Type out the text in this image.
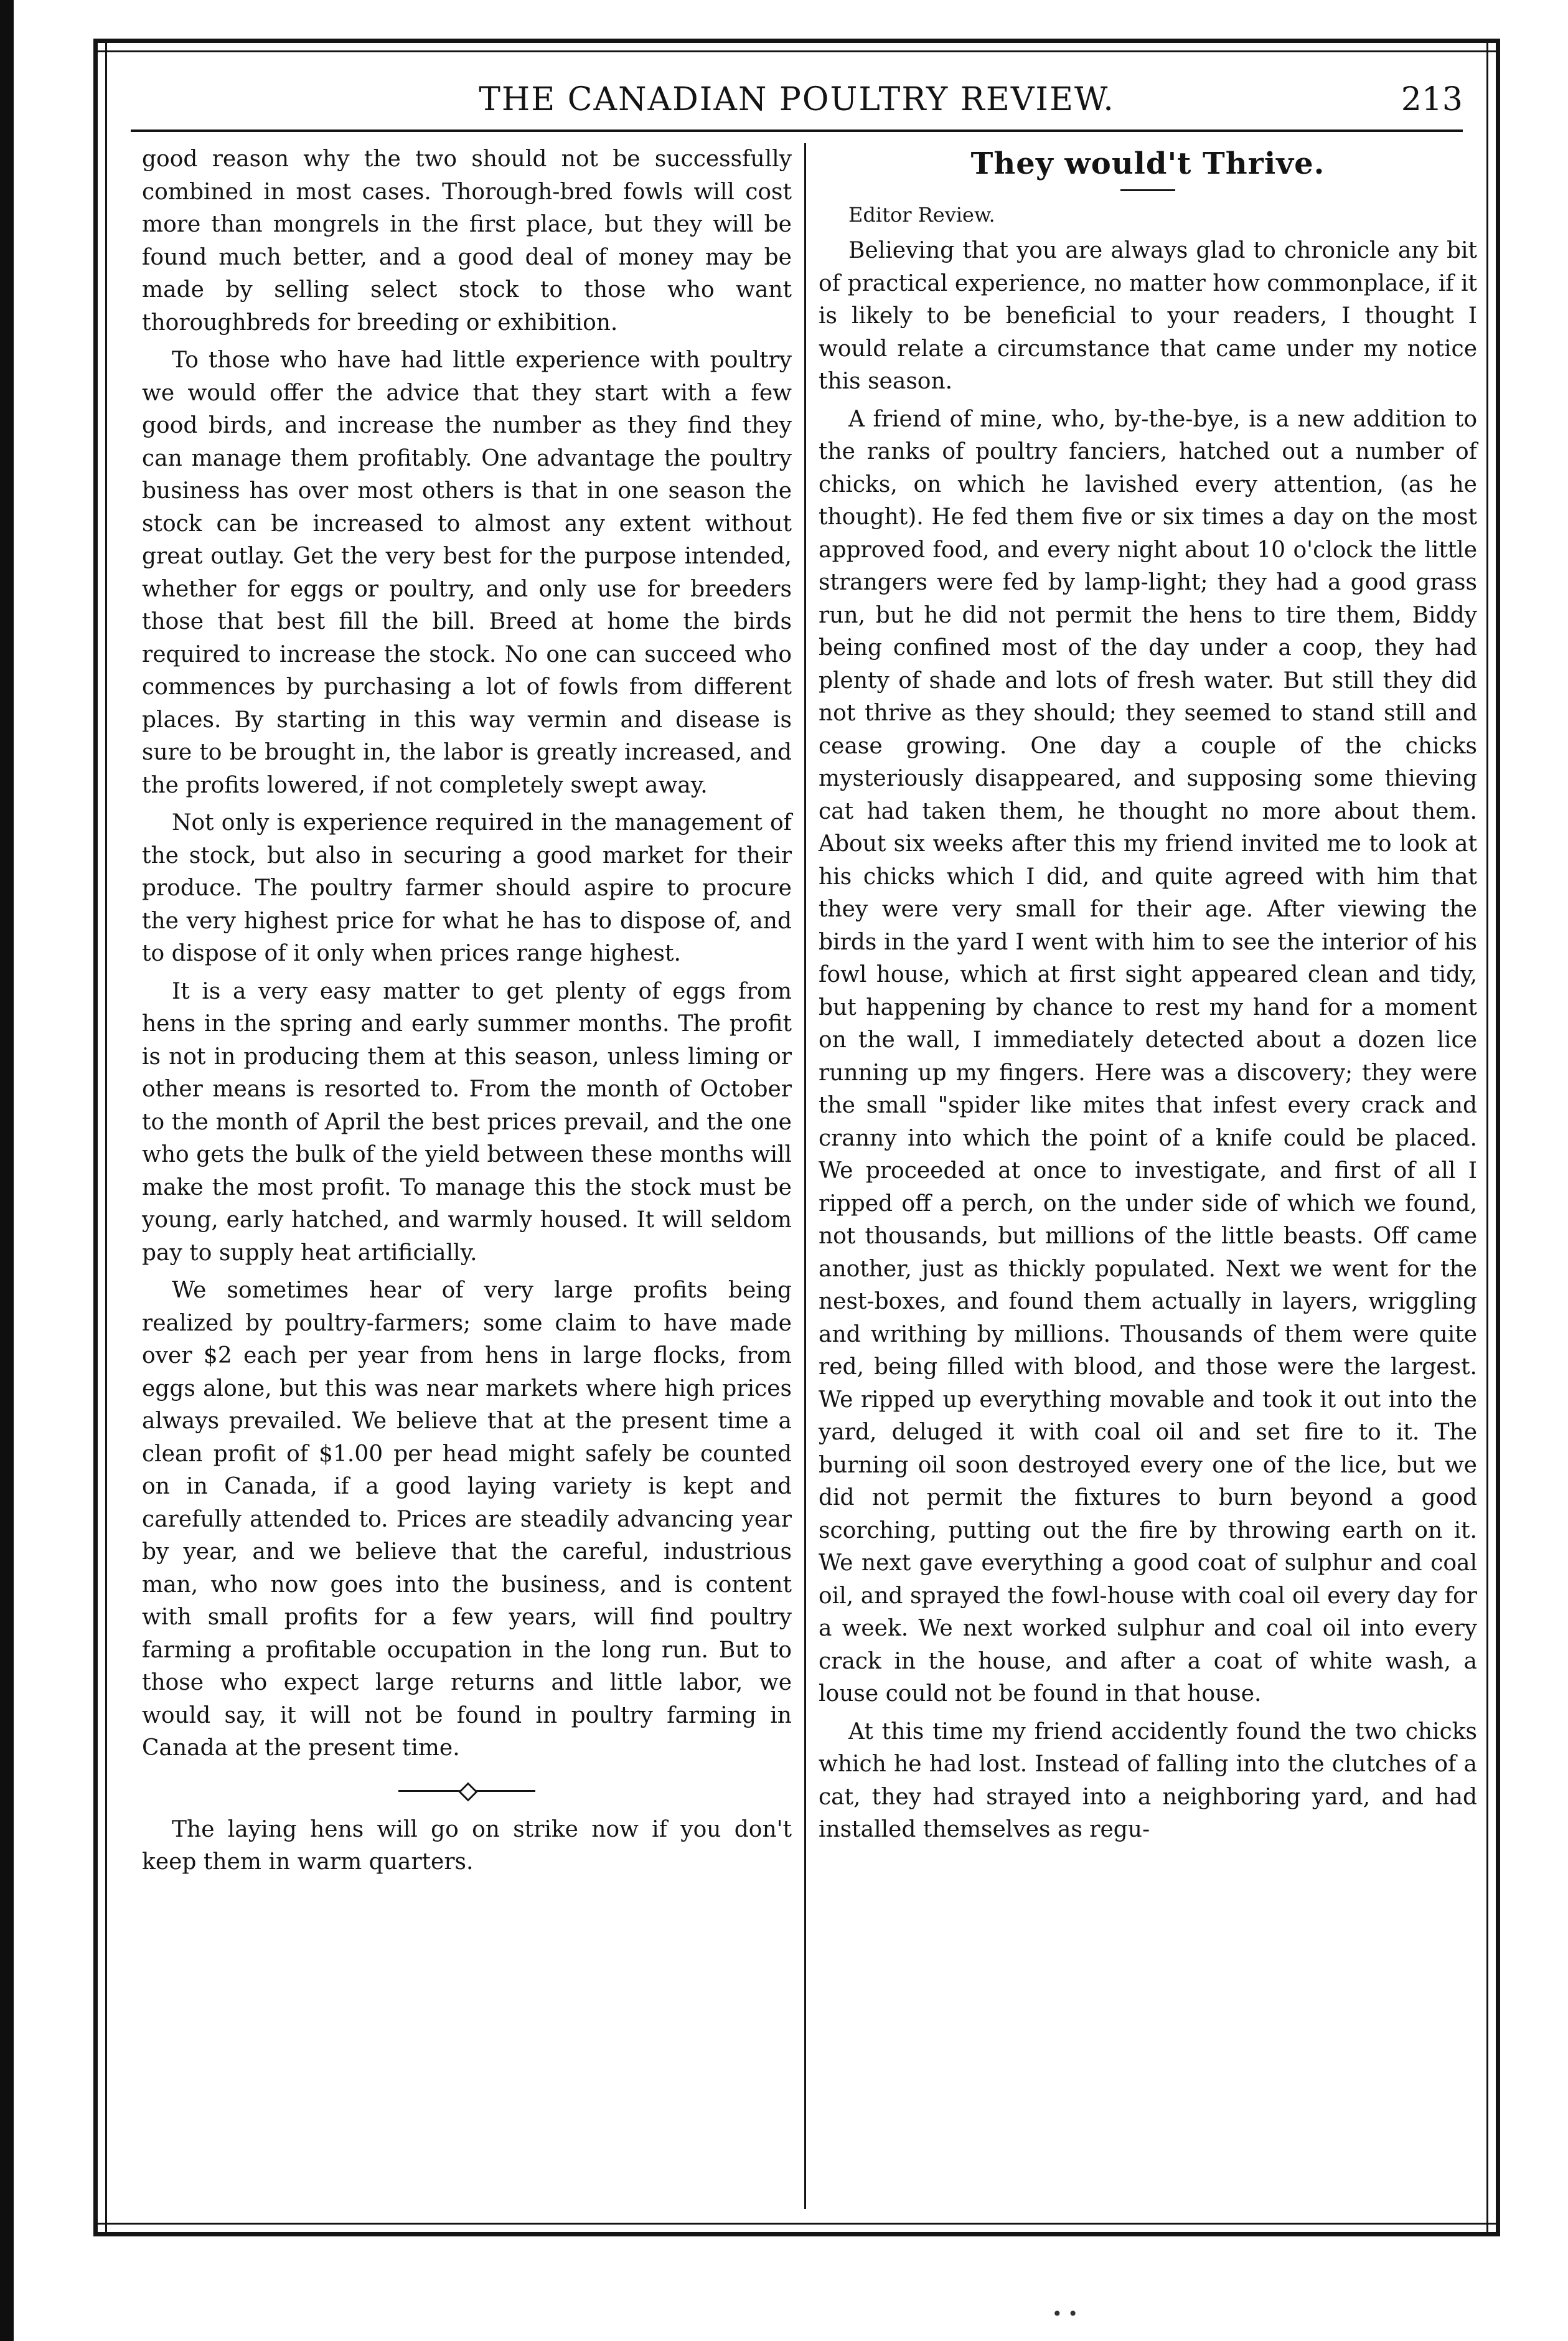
THE CANADIAN POULTRY REVIEW.	213

good reason why the two should not be successfully combined in most cases. Thorough-bred fowls will cost more than mongrels in the first place, but they will be found much better, and a good deal of money may be made by selling select stock to those who want thoroughbreds for breeding or exhibition.

To those who have had little experience with poultry we would offer the advice that they start with a few good birds, and increase the number as they find they can manage them profitably. One advantage the poultry business has over most others is that in one season the stock can be increased to almost any extent without great outlay. Get the very best for the purpose intended, whether for eggs or poultry, and only use for breeders those that best fill the bill. Breed at home the birds required to increase the stock. No one can succeed who commences by purchasing a lot of fowls from different places. By starting in this way vermin and disease is sure to be brought in, the labor is greatly increased, and the profits lowered, if not completely swept away.

Not only is experience required in the management of the stock, but also in securing a good market for their produce. The poultry farmer should aspire to procure the very highest price for what he has to dispose of, and to dispose of it only when prices range highest.

It is a very easy matter to get plenty of eggs from hens in the spring and early summer months. The profit is not in producing them at this season, unless liming or other means is resorted to. From the month of October to the month of April the best prices prevail, and the one who gets the bulk of the yield between these months will make the most profit. To manage this the stock must be young, early hatched, and warmly housed. It will seldom pay to supply heat artificially.

We sometimes hear of very large profits being realized by poultry-farmers; some claim to have made over $2 each per year from hens in large flocks, from eggs alone, but this was near markets where high prices always prevailed. We believe that at the present time a clean profit of $1.00 per head might safely be counted on in Canada, if a good laying variety is kept and carefully attended to. Prices are steadily advancing year by year, and we believe that the careful, industrious man, who now goes into the business, and is content with small profits for a few years, will find poultry farming a profitable occupation in the long run. But to those who expect large returns and little labor, we would say, it will not be found in poultry farming in Canada at the present time.

The laying hens will go on strike now if you don't keep them in warm quarters.

They would't Thrive.

Editor Review.

Believing that you are always glad to chronicle any bit of practical experience, no matter how commonplace, if it is likely to be beneficial to your readers, I thought I would relate a circumstance that came under my notice this season.

A friend of mine, who, by-the-bye, is a new addition to the ranks of poultry fanciers, hatched out a number of chicks, on which he lavished every attention, (as he thought). He fed them five or six times a day on the most approved food, and every night about 10 o'clock the little strangers were fed by lamp-light; they had a good grass run, but he did not permit the hens to tire them, Biddy being confined most of the day under a coop, they had plenty of shade and lots of fresh water. But still they did not thrive as they should; they seemed to stand still and cease growing. One day a couple of the chicks mysteriously disappeared, and supposing some thieving cat had taken them, he thought no more about them. About six weeks after this my friend invited me to look at his chicks which I did, and quite agreed with him that they were very small for their age. After viewing the birds in the yard I went with him to see the interior of his fowl house, which at first sight appeared clean and tidy, but happening by chance to rest my hand for a moment on the wall, I immediately detected about a dozen lice running up my fingers. Here was a discovery; they were the small "spider like mites that infest every crack and cranny into which the point of a knife could be placed. We proceeded at once to investigate, and first of all I ripped off a perch, on the under side of which we found, not thousands, but millions of the little beasts. Off came another, just as thickly populated. Next we went for the nest-boxes, and found them actually in layers, wriggling and writhing by millions. Thousands of them were quite red, being filled with blood, and those were the largest. We ripped up everything movable and took it out into the yard, deluged it with coal oil and set fire to it. The burning oil soon destroyed every one of the lice, but we did not permit the fixtures to burn beyond a good scorching, putting out the fire by throwing earth on it. We next gave everything a good coat of sulphur and coal oil, and sprayed the fowl-house with coal oil every day for a week. We next worked sulphur and coal oil into every crack in the house, and after a coat of white wash, a louse could not be found in that house.

At this time my friend accidently found the two chicks which he had lost. Instead of falling into the clutches of a cat, they had strayed into a neighboring yard, and had installed themselves as regu-

• •
